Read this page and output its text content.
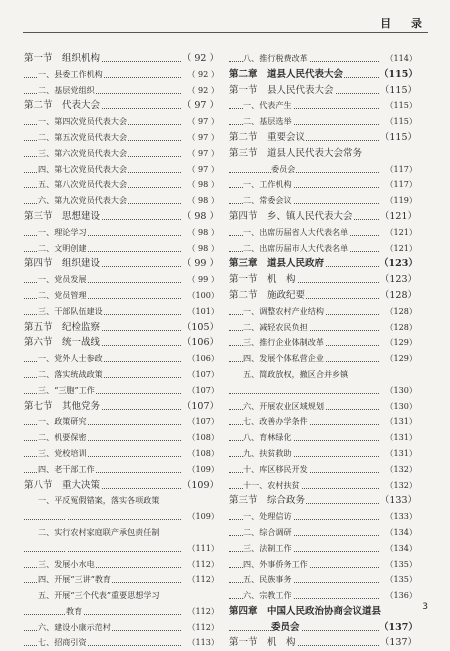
目 录
第一节　组织机构	（ 92 ）
一、县委工作机构	（ 92 ）
二、基层党组织	（ 92 ）
第二节　代表大会	（ 97 ）
一、第四次党员代表大会	（ 97 ）
二、第五次党员代表大会	（ 97 ）
三、第六次党员代表大会	（ 97 ）
四、第七次党员代表大会	（ 97 ）
五、第八次党员代表大会	（ 98 ）
六、第九次党员代表大会	（ 98 ）
第三节　思想建设	（ 98 ）
一、理论学习	（ 98 ）
二、文明创建	（ 98 ）
第四节　组织建设	（ 99 ）
一、党员发展	（ 99 ）
二、党员管理	（100）
三、干部队伍建设	（101）
第五节　纪检监察	（105）
第六节　统一战线	（106）
一、党外人士参政	（106）
二、落实统战政策	（107）
三、“三胞”工作	（107）
第七节　其他党务	（107）
一、政策研究	（107）
二、机要保密	（108）
三、党校培训	（108）
四、老干部工作	（109）
第八节　重大决策	（109）
一、平反冤假错案，落实各项政策
（109）
二、实行农村家庭联产承包责任制
（111）
三、发展小水电	（112）
四、开展“三讲”教育	（112）
五、开展“三个代表”重要思想学习
教育	（112）
六、建设小康示范村	（112）
七、招商引资	（113）
八、推行税费改革	（114）
第二章　道县人民代表大会	（115）
第一节　县人民代表大会	（115）
一、代表产生	（115）
二、基层选举	（115）
第二节　重要会议	（115）
第三节　道县人民代表大会常务
委员会	（117）
一、工作机构	（117）
二、常委会议	（119）
第四节　乡、镇人民代表大会	（121）
一、出席历届省人大代表名单	（121）
二、出席历届市人大代表名单	（121）
第三章　道县人民政府	（123）
第一节　机　构	（123）
第二节　施政纪要	（128）
一、调整农村产业结构	（128）
二、减轻农民负担	（128）
三、推行企业体制改革	（129）
四、发展个体私营企业	（129）
五、简政放权，撤区合并乡镇
（130）
六、开展农业区域规划	（130）
七、改善办学条件	（131）
八、育林绿化	（131）
九、扶贫救助	（131）
十、库区移民开发	（132）
十一、农村扶贫	（132）
第三节　综合政务	（133）
一、处理信访	（133）
二、综合调研	（134）
三、法制工作	（134）
四、外事侨务工作	（135）
五、民族事务	（135）
六、宗教工作	（136）
第四章　中国人民政治协商会议道县
委员会	（137）
第一节　机　构	（137）
3
